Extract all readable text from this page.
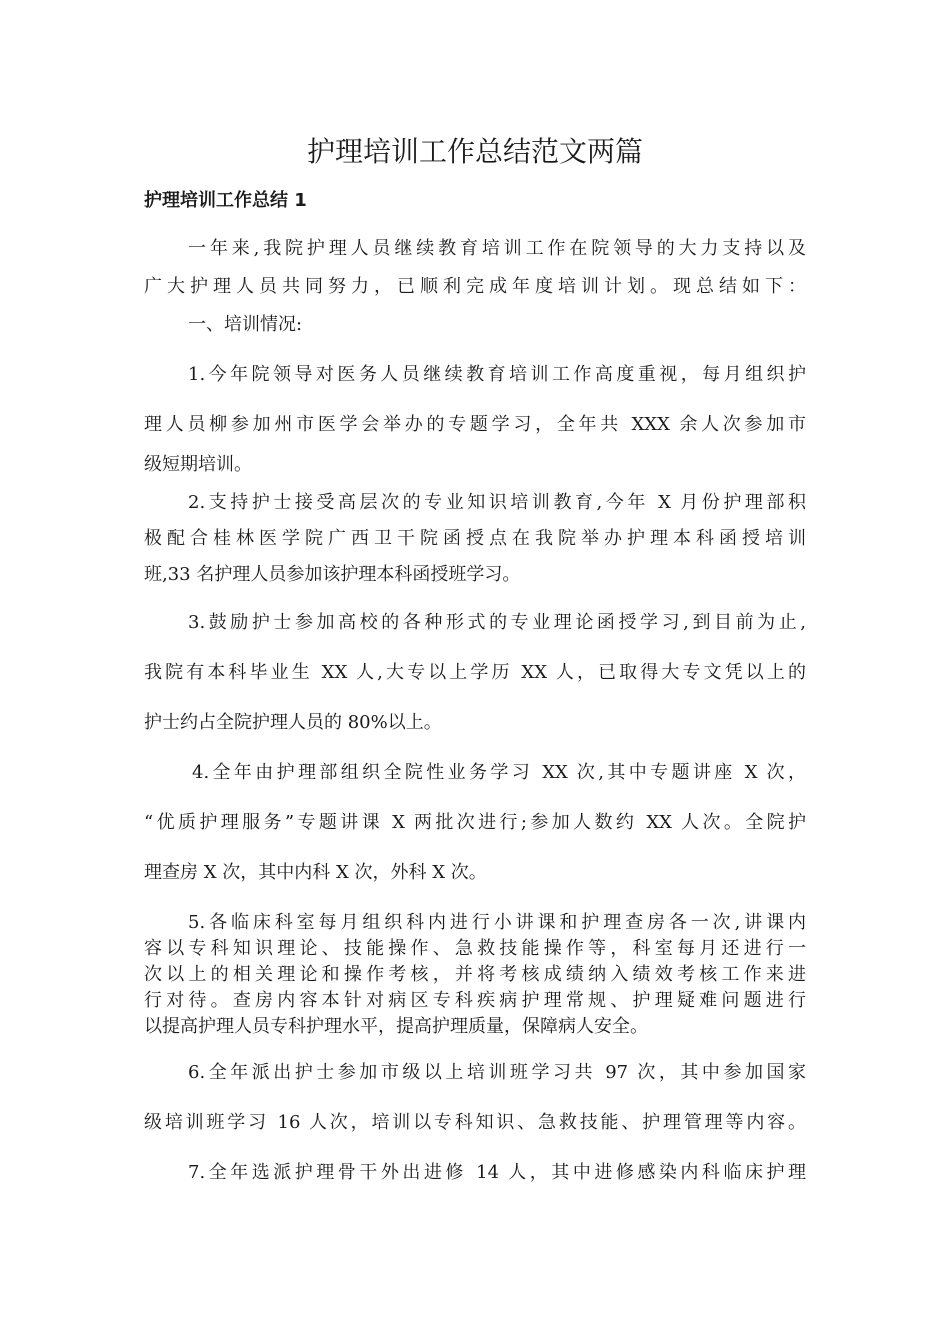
护理培训工作总结范文两篇
护理培训工作总结 1
一年来,我院护理人员继续教育培训工作在院领导的大力支持以及
广大护理人员共同努力，已顺利完成年度培训计划。现总结如下：
一、培训情况:
1.今年院领导对医务人员继续教育培训工作高度重视，每月组织护
理人员柳参加州市医学会举办的专题学习，全年共 XXX 余人次参加市
级短期培训。
2.支持护士接受高层次的专业知识培训教育,今年 X 月份护理部积
极配合桂林医学院广西卫干院函授点在我院举办护理本科函授培训
班,33 名护理人员参加该护理本科函授班学习。
3.鼓励护士参加高校的各种形式的专业理论函授学习,到目前为止,
我院有本科毕业生 XX 人,大专以上学历 XX 人，已取得大专文凭以上的
护士约占全院护理人员的 80%以上。
4.全年由护理部组织全院性业务学习 XX 次,其中专题讲座 X 次，
“优质护理服务”专题讲课 X 两批次进行;参加人数约 XX 人次。全院护
理查房 X 次，其中内科 X 次，外科 X 次。
5.各临床科室每月组织科内进行小讲课和护理查房各一次,讲课内
容以专科知识理论、技能操作、急救技能操作等，科室每月还进行一
次以上的相关理论和操作考核，并将考核成绩纳入绩效考核工作来进
行对待。查房内容本针对病区专科疾病护理常规、护理疑难问题进行
以提高护理人员专科护理水平，提高护理质量，保障病人安全。
6.全年派出护士参加市级以上培训班学习共 97 次，其中参加国家
级培训班学习 16 人次，培训以专科知识、急救技能、护理管理等内容。
7.全年选派护理骨干外出进修 14 人，其中进修感染内科临床护理
